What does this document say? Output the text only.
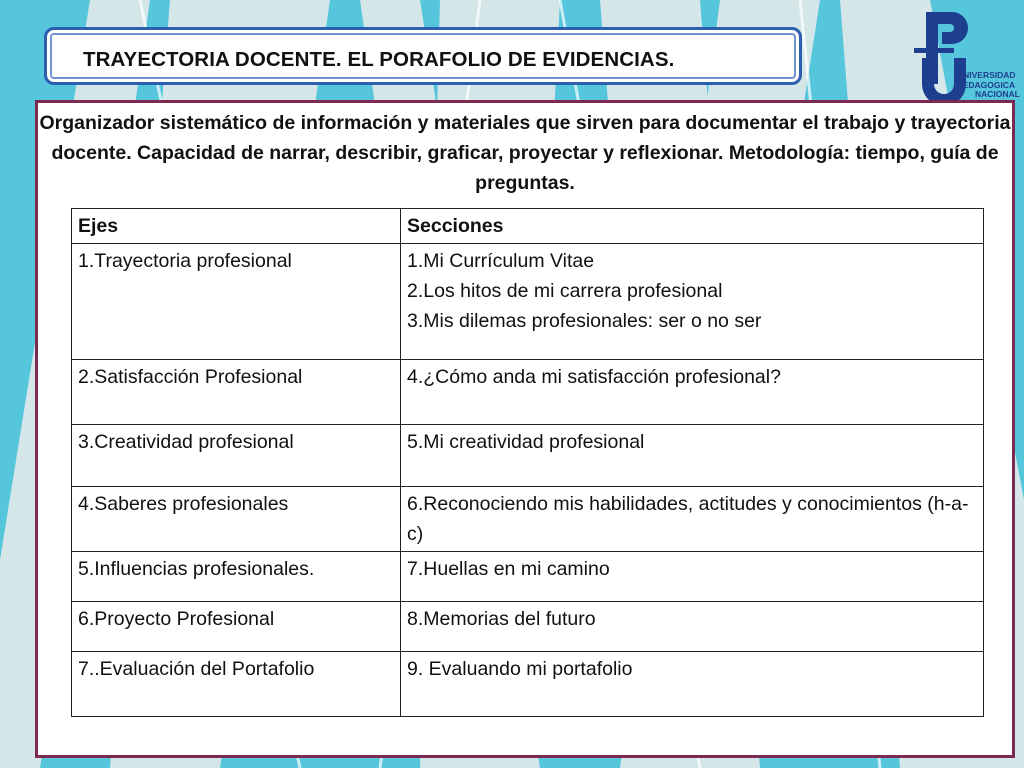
TRAYECTORIA DOCENTE. EL PORAFOLIO DE EVIDENCIAS.
UNIVERSIDAD
PEDAGOGICA
NACIONAL
Organizador sistemático de información y materiales que sirven para documentar el trabajo y trayectoria docente. Capacidad de narrar, describir, graficar, proyectar y reflexionar. Metodología: tiempo, guía de preguntas.
Ejes	Secciones
1.Trayectoria profesional	1.Mi Currículum Vitae
2.Los hitos de mi carrera profesional
3.Mis dilemas profesionales: ser o no ser

2.Satisfacción Profesional	4.¿Cómo anda mi satisfacción profesional?

3.Creatividad profesional	5.Mi creatividad profesional

4.Saberes profesionales	6.Reconociendo mis habilidades, actitudes y conocimientos (h-a-c)

5.Influencias profesionales.	7.Huellas en mi camino

6.Proyecto Profesional	8.Memorias del futuro

7..Evaluación del Portafolio	9. Evaluando mi portafolio
